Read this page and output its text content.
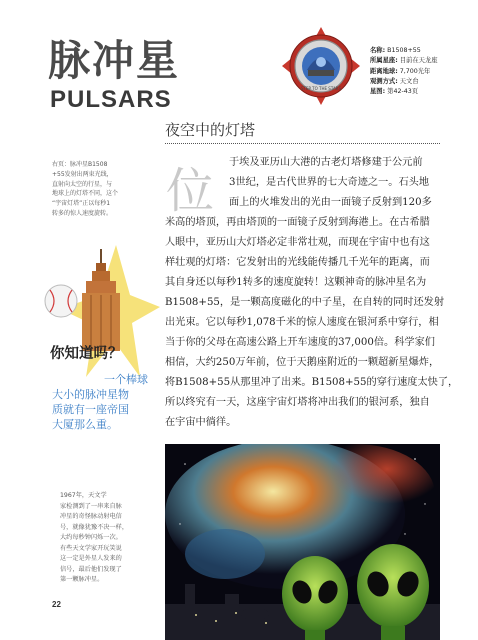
脉冲星
PULSARS	STEP TO THE STARS
名称: B1508+55
所属星座: 目前在天龙座
距离地球: 7,700光年
观测方式: 天文台
星图: 第42-43页
夜空中的灯塔
位
于埃及亚历山大港的古老灯塔修建于公元前
3世纪，是古代世界的七大奇迹之一。石头地
面上的火堆发出的光由一面镜子反射到120多
米高的塔顶，再由塔顶的一面镜子反射到海港上。在古希腊
人眼中，亚历山大灯塔必定非常壮观，而现在宇宙中也有这
样壮观的灯塔：它发射出的光线能传播几千光年的距离，而
其自身还以每秒1转多的速度旋转！这颗神奇的脉冲星名为
B1508+55，是一颗高度磁化的中子星，在自转的同时还发射
出光束。它以每秒1,078千米的惊人速度在银河系中穿行，相
当于你的父母在高速公路上开车速度的37,000倍。科学家们
相信，大约250万年前，位于天鹅座附近的一颗超新星爆炸，
将B1508+55从那里冲了出来。B1508+55的穿行速度太快了，
所以终究有一天，这座宇宙灯塔将冲出我们的银河系，独自
在宇宙中徜徉。
右页：脉冲星B1508
+55发射出两束光线，
直射向太空的行星，与
地球上的灯塔不同，这个
“宇宙灯塔”正以每秒1
转多的惊人速度旋转。
你知道吗？
一个棒球
大小的脉冲星物
质就有一座帝国
大厦那么重。
1967年，天文学
家检测到了一串来自脉
冲星的奇怪脉动射电信
号，就像犹豫不决一样，
大约每秒钟闪烁一次。
有些天文学家开玩笑说
这一定是外星人发来的
信号，最后他们发现了
第一颗脉冲星。
22
